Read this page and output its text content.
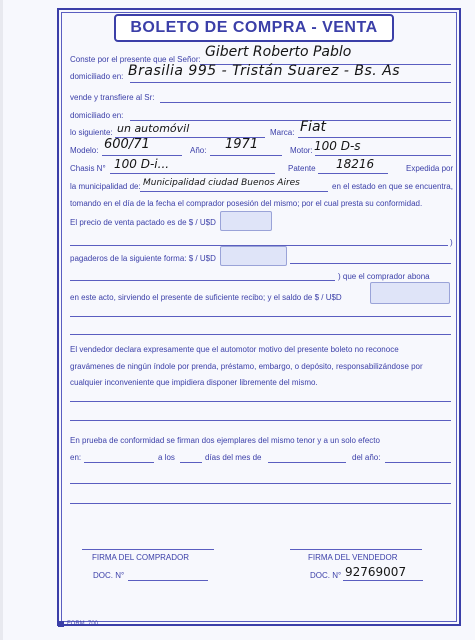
BOLETO DE COMPRA - VENTA
Conste por el presente que el Señor: Gibert Roberto Pablo
domiciliado en: Brasilia 995 - Tristán Suarez - Bs. As
vende y transfiere al Sr:
domiciliado en:
lo siguiente: un automóvil	Marca: Fiat
Modelo: 600/71	Año: 1971	Motor: 100 D-s
Chasis N° 100 D-i...	Patente 18216	Expedida por
la municipalidad de: Municipalidad ciudad Buenos Aires	en el estado en que se encuentra,
tomando en el día de la fecha el comprador posesión del mismo; por el cual presta su conformidad.
El precio de venta pactado es de $ / U$D
)
pagaderos de la siguiente forma: $ / U$D
) que el comprador abona
en este acto, sirviendo el presente de suficiente recibo; y el saldo de $ / U$D
El vendedor declara expresamente que el automotor motivo del presente boleto no reconoce
gravámenes de ningún índole por prenda, préstamo, embargo, o depósito, responsabilizándose por
cualquier inconveniente que impidiera disponer libremente del mismo.
En prueba de conformidad se firman dos ejemplares del mismo tenor y a un solo efecto
en:	a los	días del mes de	del año:
FIRMA DEL COMPRADOR	FIRMA DEL VENDEDOR
DOC. N°	DOC. N° 92769007
FORM. 700
